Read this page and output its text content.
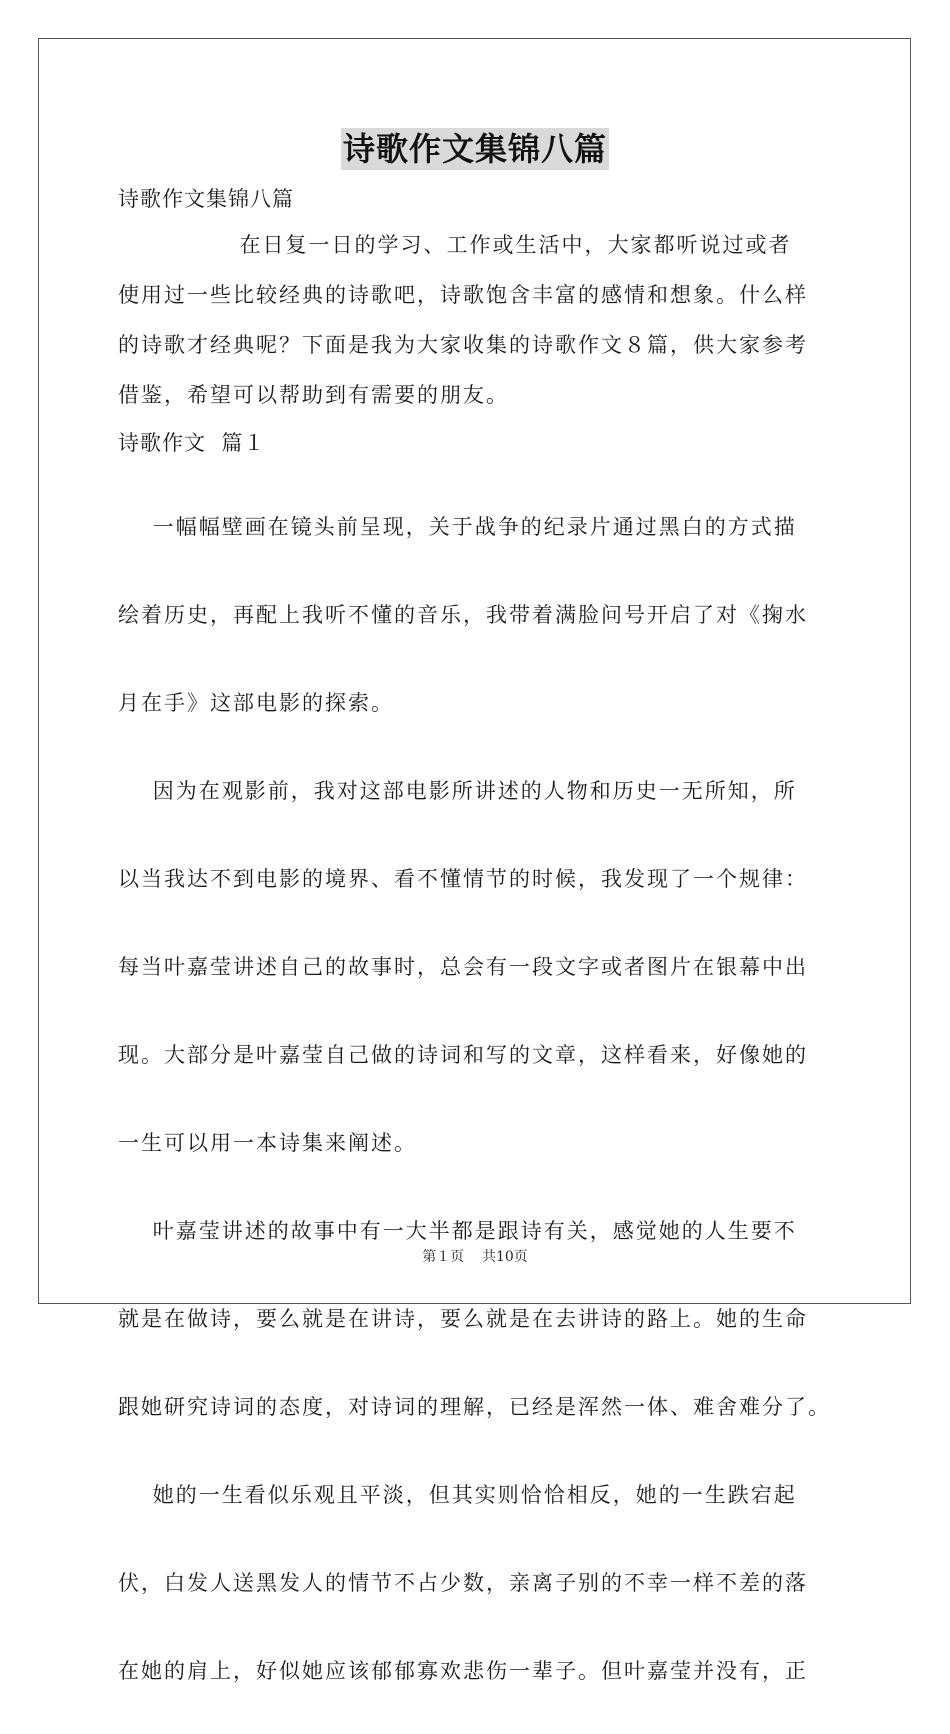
诗歌作文集锦八篇
诗歌作文集锦八篇
在日复一日的学习、工作或生活中，大家都听说过或者
使用过一些比较经典的诗歌吧，诗歌饱含丰富的感情和想象。什么样
的诗歌才经典呢？下面是我为大家收集的诗歌作文８篇，供大家参考
借鉴，希望可以帮助到有需要的朋友。
诗歌作文  篇１

一幅幅壁画在镜头前呈现，关于战争的纪录片通过黑白的方式描

绘着历史，再配上我听不懂的音乐，我带着满脸问号开启了对《掬水

月在手》这部电影的探索。

因为在观影前，我对这部电影所讲述的人物和历史一无所知，所

以当我达不到电影的境界、看不懂情节的时候，我发现了一个规律：

每当叶嘉莹讲述自己的故事时，总会有一段文字或者图片在银幕中出

现。大部分是叶嘉莹自己做的诗词和写的文章，这样看来，好像她的

一生可以用一本诗集来阐述。

叶嘉莹讲述的故事中有一大半都是跟诗有关，感觉她的人生要不

就是在做诗，要么就是在讲诗，要么就是在去讲诗的路上。她的生命

跟她研究诗词的态度，对诗词的理解，已经是浑然一体、难舍难分了。

她的一生看似乐观且平淡，但其实则恰恰相反，她的一生跌宕起

伏，白发人送黑发人的情节不占少数，亲离子别的不幸一样不差的落

在她的肩上，好似她应该郁郁寡欢悲伤一辈子。但叶嘉莹并没有，正

第１页    共10页
